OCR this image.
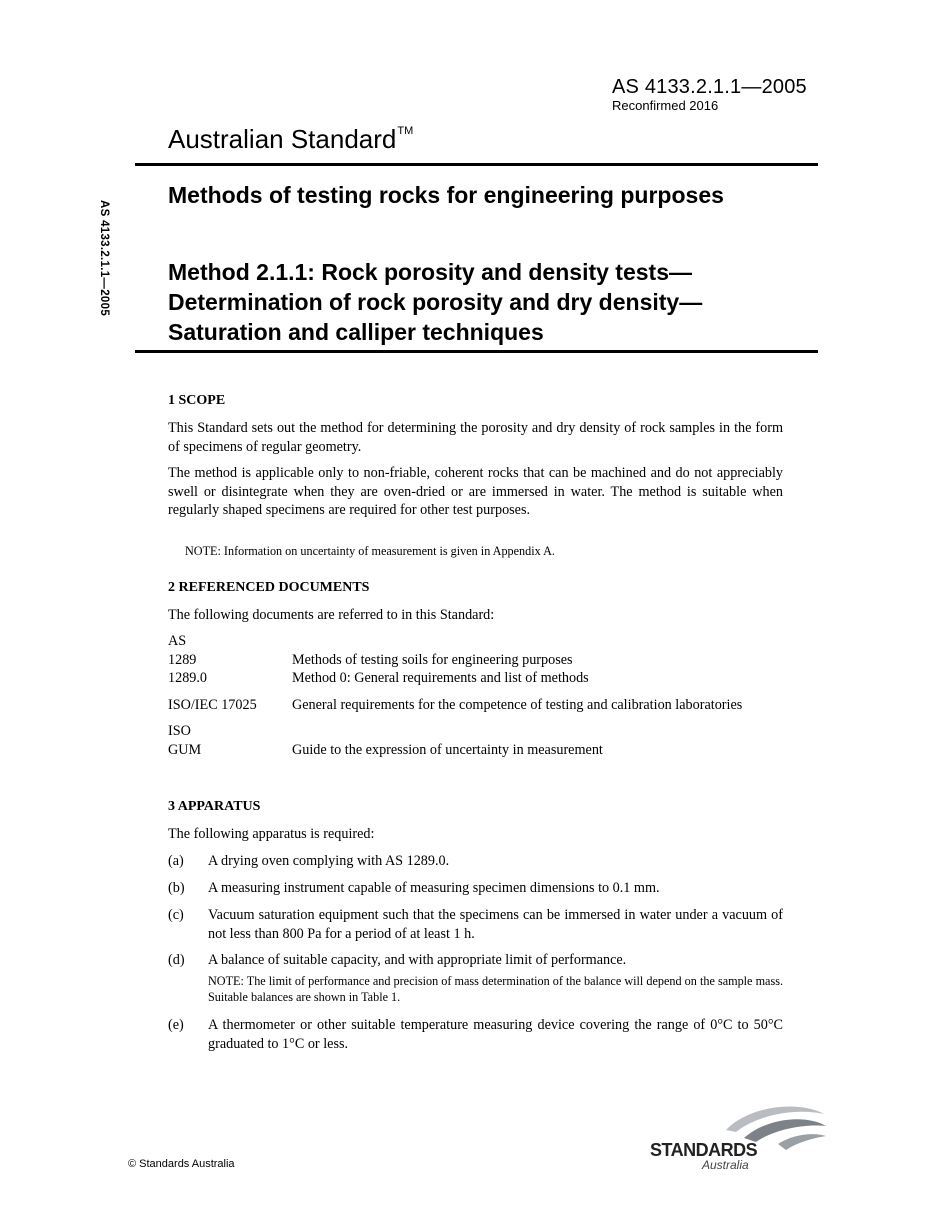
AS 4133.2.1.1—2005
Reconfirmed 2016
Australian Standard™
AS 4133.2.1.1—2005
Methods of testing rocks for engineering purposes
Method 2.1.1: Rock porosity and density tests—Determination of rock porosity and dry density—Saturation and calliper techniques
1 SCOPE

This Standard sets out the method for determining the porosity and dry density of rock samples in the form of specimens of regular geometry.

The method is applicable only to non-friable, coherent rocks that can be machined and do not appreciably swell or disintegrate when they are oven-dried or are immersed in water. The method is suitable when regularly shaped specimens are required for other test purposes.

NOTE: Information on uncertainty of measurement is given in Appendix A.
2 REFERENCED DOCUMENTS

The following documents are referred to in this Standard:

AS
1289	Methods of testing soils for engineering purposes
1289.0	Method 0: General requirements and list of methods
ISO/IEC 17025	General requirements for the competence of testing and calibration laboratories
ISO
GUM	Guide to the expression of uncertainty in measurement
3 APPARATUS

The following apparatus is required:

(a)	A drying oven complying with AS 1289.0.
(b)	A measuring instrument capable of measuring specimen dimensions to 0.1 mm.
(c)	Vacuum saturation equipment such that the specimens can be immersed in water under a vacuum of not less than 800 Pa for a period of at least 1 h.
(d)	A balance of suitable capacity, and with appropriate limit of performance.
NOTE: The limit of performance and precision of mass determination of the balance will depend on the sample mass. Suitable balances are shown in Table 1.
(e)	A thermometer or other suitable temperature measuring device covering the range of 0°C to 50°C graduated to 1°C or less.
© Standards Australia
STANDARDS
Australia
